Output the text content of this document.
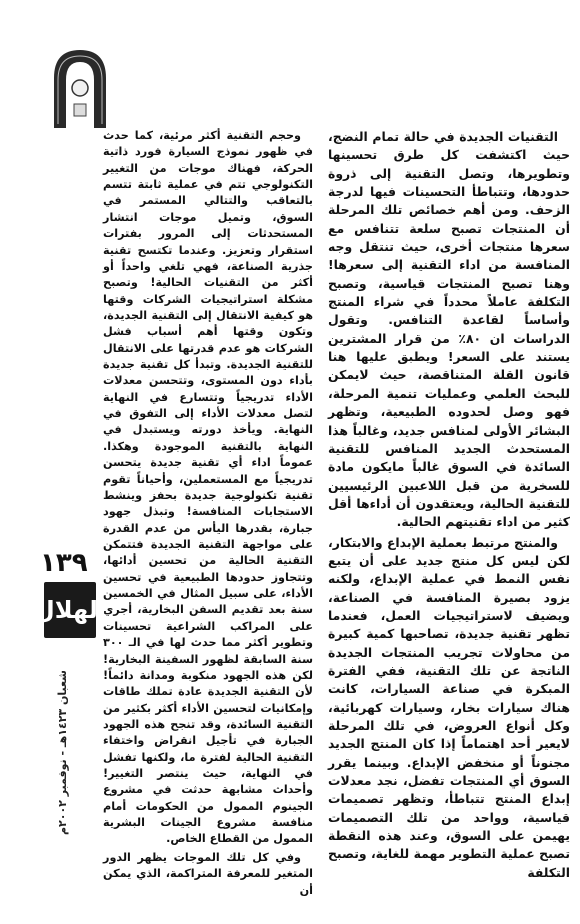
التقنيات الجديدة في حالة تمام النضج، حيث اكتشفت كل طرق تحسينها وتطويرها، وتصل التقنية إلى ذروة حدودها، وتتباطأ التحسينات فيها لدرجة الزحف. ومن أهم خصائص تلك المرحلة أن المنتجات تصبح سلعة تتنافس مع سعرها منتجات أخرى، حيث تنتقل وجه المنافسة من اداء التقنية إلى سعرها! وهنا تصبح المنتجات قياسية، وتصبح التكلفة عاملاً محدداً في شراء المنتج وأساساً لقاعدة التنافس. وتقول الدراسات ان ٨٠٪ من قرار المشترين يستند على السعر! ويطبق عليها هنا قانون القلة المتناقصة، حيث لايمكن للبحث العلمي وعمليات تنمية المرحلة، فهو وصل لحدوده الطبيعية، وتظهر البشائر الأولى لمنافس جديد، وغالباً هذا المستحدث الجديد المنافس للتقنية السائدة في السوق غالباً مايكون مادة للسخرية من قبل اللاعبين الرئيسيين للتقنية الحالية، ويعتقدون أن أداءها أقل كثير من اداء تقنيتهم الحالية.

والمنتج مرتبط بعملية الإبداع والابتكار، لكن ليس كل منتج جديد على أن يتبع نفس النمط في عملية الإبداع، ولكنه يزود بصيرة المنافسة في الصناعة، ويضيف لاستراتيجيات العمل، فعندما تظهر تقنية جديدة، تصاحبها كمية كبيرة من محاولات تجريب المنتجات الجديدة الناتجة عن تلك التقنية، ففي الفترة المبكرة في صناعة السيارات، كانت هناك سيارات بخار، وسيارات كهربائية، وكل أنواع العروض، في تلك المرحلة لايعير أحد اهتماماً إذا كان المنتج الجديد مجنوناً أو منخفض الإبداع. وبينما يقرر السوق أي المنتجات تفضل، نجد معدلات إبداع المنتج تتباطأ، وتظهر تصميمات قياسية، وواحد من تلك التصميمات يهيمن على السوق، وعند هذه النقطة تصبح عملية التطوير مهمة للغاية، وتصبح التكلفة

وحجم التقنية أكثر مرئية، كما حدث في ظهور نموذج السيارة فورد ذاتية الحركة، فهناك موجات من التغيير التكنولوجي تتم في عملية ثابتة تتسم بالتعاقب والتتالي المستمر في السوق، وتميل موجات انتشار المستحدثات إلى المرور بفترات استقرار وتعزيز. وعندما تكتسح تقنية جذرية الصناعة، فهي تلغي واحداً أو أكثر من التقنيات الحالية! وتصبح مشكلة استراتيجيات الشركات وقتها هو كيفية الانتقال إلى التقنية الجديدة، وتكون وقتها أهم أسباب فشل الشركات هو عدم قدرتها على الانتقال للتقنية الجديدة. وتبدأ كل تقنية جديدة بأداء دون المستوى، وتتحسن معدلات الأداء تدريجياً وتتسارع في النهاية لتصل معدلات الأداء إلى التفوق في النهاية. ويأخذ دورته ويستبدل في النهاية بالتقنية الموجودة وهكذا. عموماً اداء أي تقنية جديدة يتحسن تدريجياً مع المستعملين، وأحياناً تقوم تقنية تكنولوجية جديدة بحفز وينشط الاستجابات المنافسة! وتبذل جهود جبارة، بقدرها اليأس من عدم القدرة على مواجهة التقنية الجديدة فتتمكن التقنية الحالية من تحسين أدائها، وتتجاوز حدودها الطبيعية في تحسين الأداء، على سبيل المثال في الخمسين سنة بعد تقديم السفن البخارية، أجري على المراكب الشراعية تحسينات وتطوير أكثر مما حدث لها في الـ ٣٠٠ سنة السابقة لظهور السفينة البخارية! لكن هذه الجهود منكوبة ومدانة دائماً! لأن التقنية الجديدة عادة تملك طاقات وإمكانيات لتحسين الأداء أكثر بكثير من التقنية السائدة، وقد تنجح هذه الجهود الجبارة في تأجيل انقراض واختفاء التقنية الحالية لفترة ما، ولكنها تفشل في النهاية، حيث ينتصر التغيير! وأحداث مشابهة حدثت في مشروع الجينوم الممول من الحكومات أمام منافسة مشروع الجينات البشرية الممول من القطاع الخاص.

وفي كل تلك الموجات يظهر الدور المتغير للمعرفة المتراكمة، الذي يمكن أن

١٣٩
الهلال
شعبان ١٤٢٣هـ - نوفمبر ٢٠٠٢م
